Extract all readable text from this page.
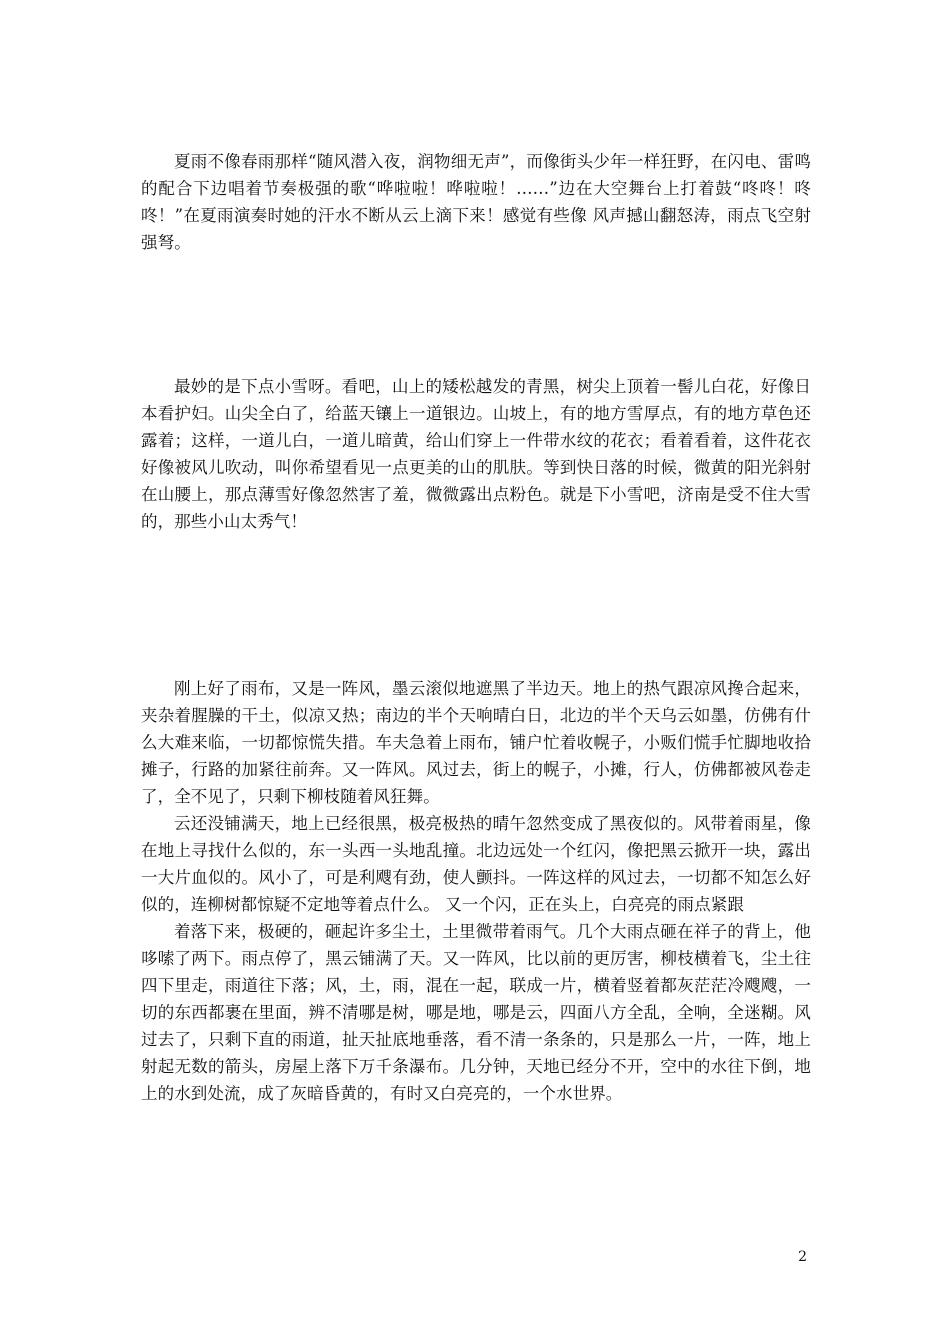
夏雨不像春雨那样“随风潜入夜，润物细无声”，而像街头少年一样狂野，在闪电、雷鸣的配合下边唱着节奏极强的歌“哗啦啦！哗啦啦！……”边在大空舞台上打着鼓“咚咚！咚咚！”在夏雨演奏时她的汗水不断从云上滴下来！感觉有些像 风声撼山翻怒涛，雨点飞空射强弩。

最妙的是下点小雪呀。看吧，山上的矮松越发的青黑，树尖上顶着一髻儿白花，好像日本看护妇。山尖全白了，给蓝天镶上一道银边。山坡上，有的地方雪厚点，有的地方草色还露着；这样，一道儿白，一道儿暗黄，给山们穿上一件带水纹的花衣；看着看着，这件花衣好像被风儿吹动，叫你希望看见一点更美的山的肌肤。等到快日落的时候，微黄的阳光斜射在山腰上，那点薄雪好像忽然害了羞，微微露出点粉色。就是下小雪吧，济南是受不住大雪的，那些小山太秀气！

刚上好了雨布，又是一阵风，墨云滚似地遮黑了半边天。地上的热气跟凉风搀合起来，夹杂着腥臊的干土，似凉又热；南边的半个天响晴白日，北边的半个天乌云如墨，仿佛有什么大难来临，一切都惊慌失措。车夫急着上雨布，铺户忙着收幌子，小贩们慌手忙脚地收拾摊子，行路的加紧往前奔。又一阵风。风过去，街上的幌子，小摊，行人，仿佛都被风卷走了，全不见了，只剩下柳枝随着风狂舞。

云还没铺满天，地上已经很黑，极亮极热的晴午忽然变成了黑夜似的。风带着雨星，像在地上寻找什么似的，东一头西一头地乱撞。北边远处一个红闪，像把黑云掀开一块，露出一大片血似的。风小了，可是利飕有劲，使人颤抖。一阵这样的风过去，一切都不知怎么好似的，连柳树都惊疑不定地等着点什么。 又一个闪，正在头上，白亮亮的雨点紧跟

着落下来，极硬的，砸起许多尘土，土里微带着雨气。几个大雨点砸在祥子的背上，他哆嗦了两下。雨点停了，黑云铺满了天。又一阵风，比以前的更厉害，柳枝横着飞，尘土往四下里走，雨道往下落；风，土，雨，混在一起，联成一片，横着竖着都灰茫茫冷飕飕，一切的东西都裹在里面，辨不清哪是树，哪是地，哪是云，四面八方全乱，全响，全迷糊。风过去了，只剩下直的雨道，扯天扯底地垂落，看不清一条条的，只是那么一片，一阵，地上射起无数的箭头，房屋上落下万千条瀑布。几分钟，天地已经分不开，空中的水往下倒，地上的水到处流，成了灰暗昏黄的，有时又白亮亮的，一个水世界。

2
